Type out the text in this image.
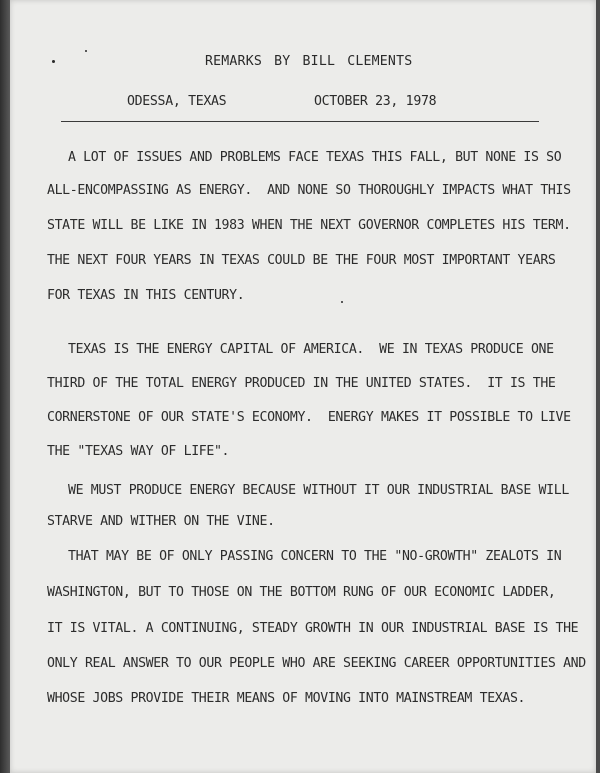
REMARKS BY BILL CLEMENTS
ODESSA, TEXAS	OCTOBER 23, 1978
A LOT OF ISSUES AND PROBLEMS FACE TEXAS THIS FALL, BUT NONE IS SO
ALL-ENCOMPASSING AS ENERGY.  AND NONE SO THOROUGHLY IMPACTS WHAT THIS
STATE WILL BE LIKE IN 1983 WHEN THE NEXT GOVERNOR COMPLETES HIS TERM.
THE NEXT FOUR YEARS IN TEXAS COULD BE THE FOUR MOST IMPORTANT YEARS
FOR TEXAS IN THIS CENTURY.
TEXAS IS THE ENERGY CAPITAL OF AMERICA.  WE IN TEXAS PRODUCE ONE
THIRD OF THE TOTAL ENERGY PRODUCED IN THE UNITED STATES.  IT IS THE
CORNERSTONE OF OUR STATE'S ECONOMY.  ENERGY MAKES IT POSSIBLE TO LIVE
THE "TEXAS WAY OF LIFE".
WE MUST PRODUCE ENERGY BECAUSE WITHOUT IT OUR INDUSTRIAL BASE WILL
STARVE AND WITHER ON THE VINE.
THAT MAY BE OF ONLY PASSING CONCERN TO THE "NO-GROWTH" ZEALOTS IN
WASHINGTON, BUT TO THOSE ON THE BOTTOM RUNG OF OUR ECONOMIC LADDER,
IT IS VITAL. A CONTINUING, STEADY GROWTH IN OUR INDUSTRIAL BASE IS THE
ONLY REAL ANSWER TO OUR PEOPLE WHO ARE SEEKING CAREER OPPORTUNITIES AND
WHOSE JOBS PROVIDE THEIR MEANS OF MOVING INTO MAINSTREAM TEXAS.
